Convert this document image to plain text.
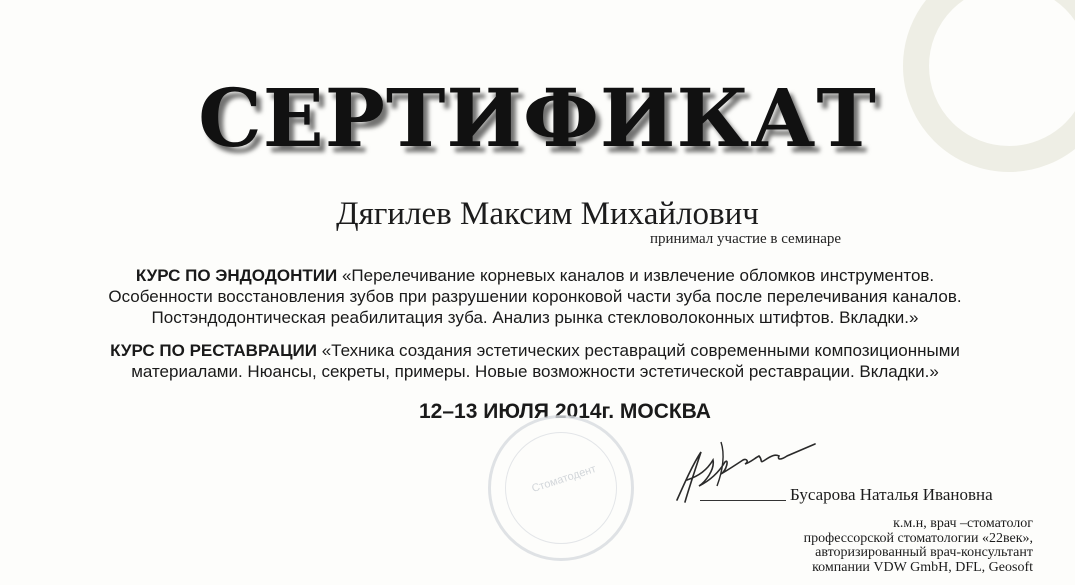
СЕРТИФИКАТ
Дягилев Максим Михайлович
принимал участие в семинаре
КУРС ПО ЭНДОДОНТИИ «Перелечивание корневых каналов и извлечение обломков инструментов.
Особенности восстановления зубов при разрушении коронковой части зуба после перелечивания каналов.
Постэндодонтическая реабилитация зуба. Анализ рынка стекловолоконных штифтов. Вкладки.»
КУРС ПО РЕСТАВРАЦИИ «Техника создания эстетических реставраций современными композиционными
материалами. Нюансы, секреты, примеры. Новые возможности эстетической реставрации. Вкладки.»
12–13 ИЮЛЯ 2014г. МОСКВА
Стоматодент	Бусарова Наталья Ивановна
к.м.н, врач –стоматолог
профессорской стоматологии «22век»,
авторизированный врач-консультант
компании VDW GmbH, DFL, Geosoft
